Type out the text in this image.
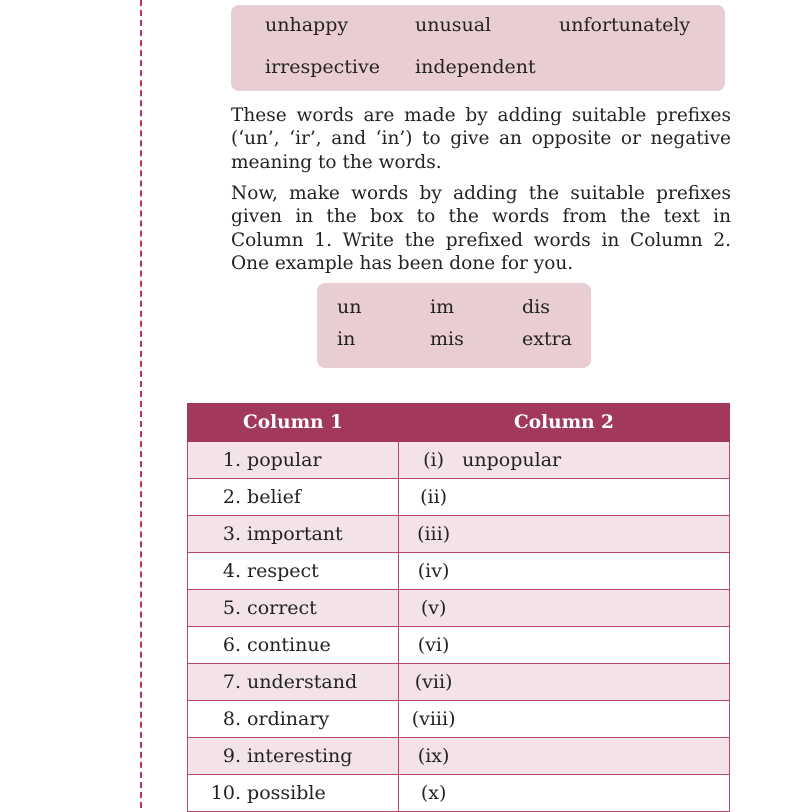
unhappy	unusual	unfortunately
irrespective independent

These words are made by adding suitable prefixes (‘un’, ‘ir’, and ‘in’) to give an opposite or negative meaning to the words.

Now, make words by adding the suitable prefixes given in the box to the words from the text in Column 1. Write the prefixed words in Column 2. One example has been done for you.

un	im	dis
in	mis	extra
Column 1	Column 2
1. popular	(i) unpopular
2. belief	(ii)
3. important	(iii)
4. respect	(iv)
5. correct	(v)
6. continue	(vi)
7. understand	(vii)
8. ordinary	(viii)
9. interesting	(ix)
10. possible	(x)
